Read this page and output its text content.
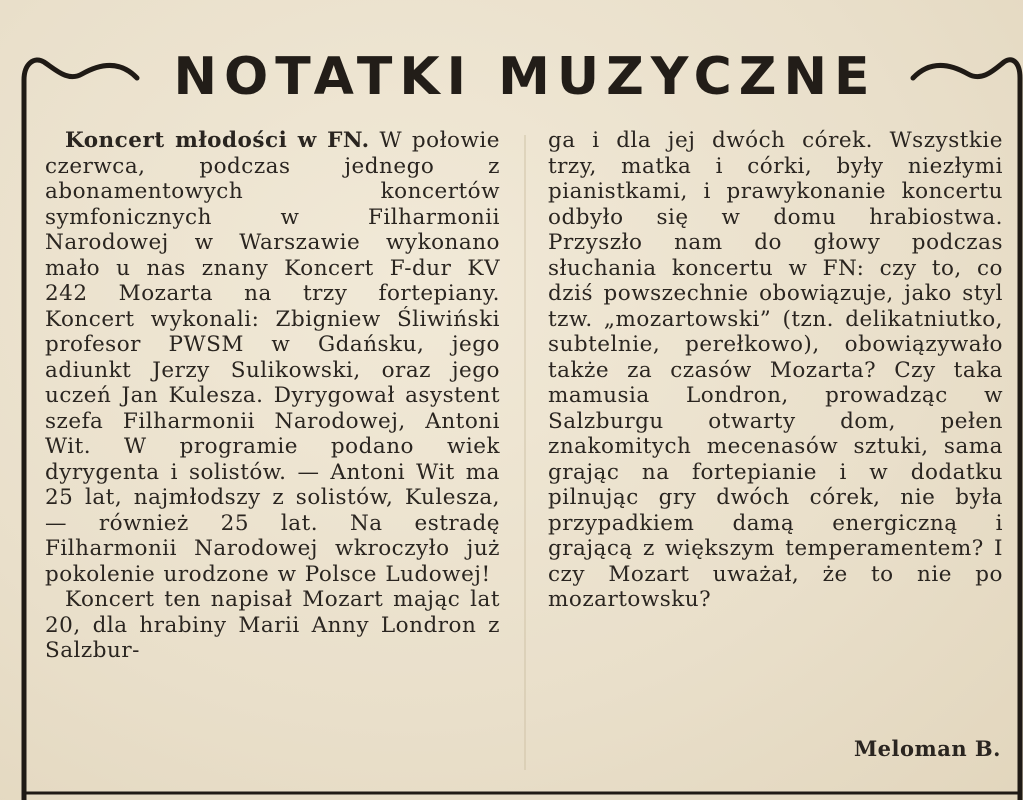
NOTATKI MUZYCZNE

Koncert młodości w FN. W połowie czerwca, podczas jednego z abonamentowych koncertów symfonicznych w Filharmonii Narodowej w Warszawie wykonano mało u nas znany Koncert F-dur KV 242 Mozarta na trzy fortepiany. Koncert wykonali: Zbigniew Śliwiński profesor PWSM w Gdańsku, jego adiunkt Jerzy Sulikowski, oraz jego uczeń Jan Kulesza. Dyrygował asystent szefa Filharmonii Narodowej, Antoni Wit. W programie podano wiek dyrygenta i solistów. — Antoni Wit ma 25 lat, najmłodszy z solistów, Kulesza, — również 25 lat. Na estradę Filharmonii Narodowej wkroczyło już pokolenie urodzone w Polsce Ludowej!

Koncert ten napisał Mozart mając lat 20, dla hrabiny Marii Anny Londron z Salzbur-

ga i dla jej dwóch córek. Wszystkie trzy, matka i córki, były niezłymi pianistkami, i prawykonanie koncertu odbyło się w domu hrabiostwa. Przyszło nam do głowy podczas słuchania koncertu w FN: czy to, co dziś powszechnie obowiązuje, jako styl tzw. „mozartowski” (tzn. delikatniutko, subtelnie, perełkowo), obowiązywało także za czasów Mozarta? Czy taka mamusia Londron, prowadząc w Salzburgu otwarty dom, pełen znakomitych mecenasów sztuki, sama grając na fortepianie i w dodatku pilnując gry dwóch córek, nie była przypadkiem damą energiczną i grającą z większym temperamentem? I czy Mozart uważał, że to nie po mozartowsku?

Meloman B.
